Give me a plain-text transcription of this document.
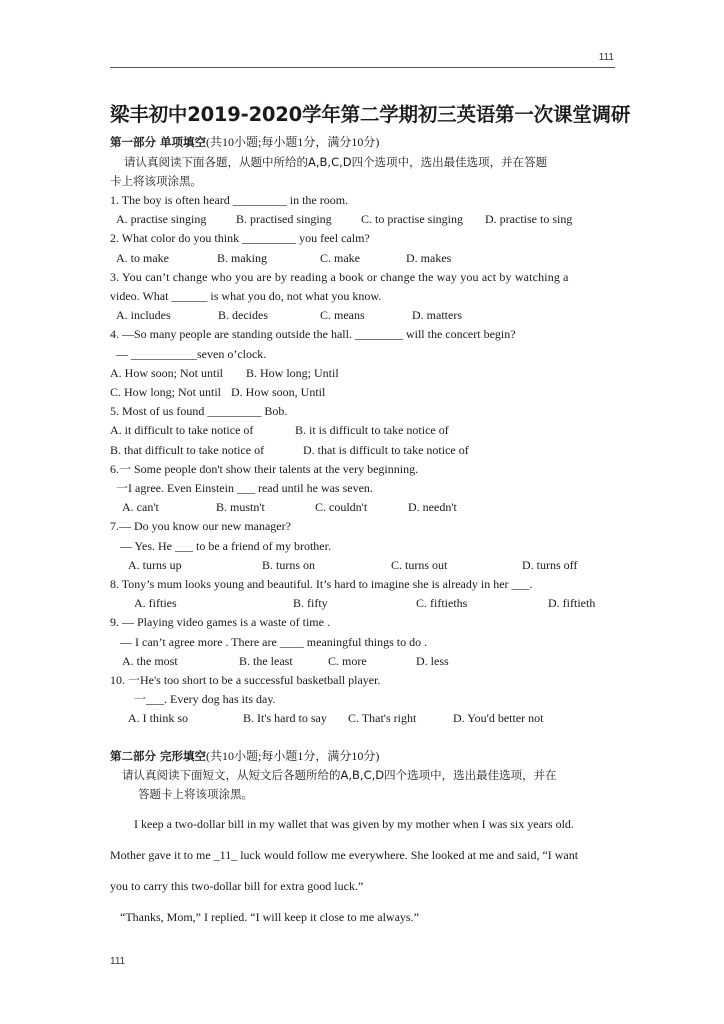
111
梁丰初中2019-2020学年第二学期初三英语第一次课堂调研
第一部分 单项填空(共10小题;每小题1分，满分10分)
请认真阅读下面各题，从题中所给的A,B,C,D四个选项中，选出最佳选项，并在答题
卡上将该项涂黑。
1. The boy is often heard _________ in the room.
A. practise singing	B. practised singing	C. to practise singing	D. practise to sing
2. What color do you think _________ you feel calm?
A. to make	B. making	C. make	D. makes
3. You can’t change who you are by reading a book or change the way you act by watching a
video. What ______ is what you do, not what you know.
A. includes	B. decides	C. means	D. matters
4. —So many people are standing outside the hall. ________ will the concert begin?
— ___________seven o’clock.
A. How soon; Not until	B. How long; Until
C. How long; Not until D. How soon, Until
5. Most of us found _________ Bob.
A. it difficult to take notice of	B. it is difficult to take notice of
B. that difficult to take notice of	D. that is difficult to take notice of
6.一 Some people don't show their talents at the very beginning.
一I agree. Even Einstein ___ read until he was seven.
A. can't	B. mustn't	C. couldn't	D. needn't
7.— Do you know our new manager?
— Yes. He ___ to be a friend of my brother.
A. turns up	B. turns on	C. turns out	D. turns off
8. Tony’s mum looks young and beautiful. It’s hard to imagine she is already in her ___.
A. fifties	B. fifty	C. fiftieths	D. fiftieth
9. — Playing video games is a waste of time .
— I can’t agree more . There are ____ meaningful things to do .
A. the most	B. the least	C. more	D. less
10. 一He's too short to be a successful basketball player.
一___. Every dog has its day.
A. I think so	B. It's hard to say	C. That's right	D. You'd better not
第二部分 完形填空(共10小题;每小题1分，满分10分)
请认真阅读下面短文，从短文后各题所给的A,B,C,D四个选项中，选出最佳选项，并在
答题卡上将该项涂黑。
I keep a two-dollar bill in my wallet that was given by my mother when I was six years old.
Mother gave it to me _11_ luck would follow me everywhere. She looked at me and said, “I want
you to carry this two-dollar bill for extra good luck.”
“Thanks, Mom,” I replied. “I will keep it close to me always.”
111
